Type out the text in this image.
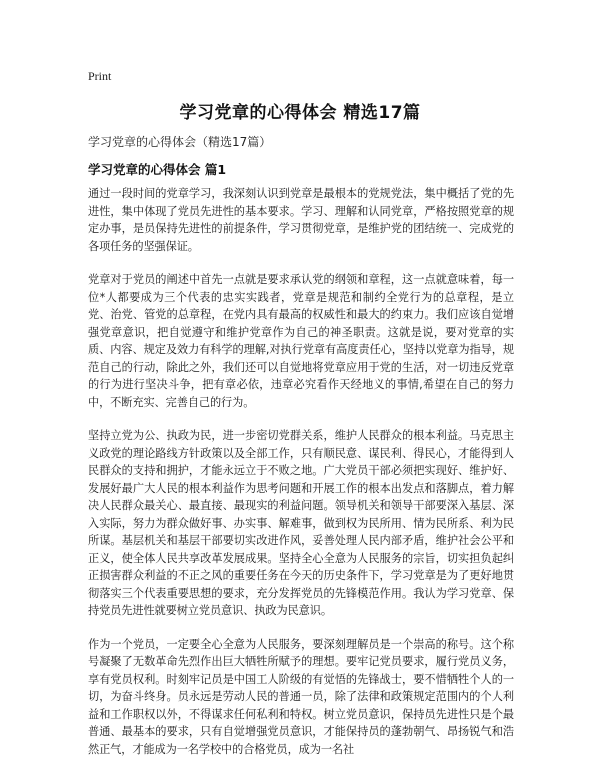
Print
学习党章的心得体会 精选17篇
学习党章的心得体会（精选17篇）
学习党章的心得体会 篇1

通过一段时间的党章学习，我深刻认识到党章是最根本的党规党法，集中概括了党的先进性，集中体现了党员先进性的基本要求。学习、理解和认同党章，严格按照党章的规定办事，是员保持先进性的前提条件，学习贯彻党章，是维护党的团结统一、完成党的各项任务的坚强保证。

党章对于党员的阐述中首先一点就是要求承认党的纲领和章程，这一点就意味着，每一位*人都要成为三个代表的忠实实践者，党章是规范和制约全党行为的总章程，是立党、治党、管党的总章程，在党内具有最高的权威性和最大的约束力。我们应该自觉增强党章意识，把自觉遵守和维护党章作为自己的神圣职责。这就是说，要对党章的实质、内容、规定及效力有科学的理解,对执行党章有高度责任心，坚持以党章为指导，规范自己的行动，除此之外，我们还可以自觉地将党章应用于党的生活，对一切违反党章的行为进行坚决斗争，把有章必依，违章必究看作天经地义的事情,希望在自己的努力中，不断充实、完善自己的行为。

坚持立党为公、执政为民，进一步密切党群关系，维护人民群众的根本利益。马克思主义政党的理论路线方针政策以及全部工作，只有顺民意、谋民利、得民心，才能得到人民群众的支持和拥护，才能永远立于不败之地。广大党员干部必须把实现好、维护好、发展好最广大人民的根本利益作为思考问题和开展工作的根本出发点和落脚点，着力解决人民群众最关心、最直接、最现实的利益问题。领导机关和领导干部要深入基层、深入实际，努力为群众做好事、办实事、解难事，做到权为民所用、情为民所系、利为民所谋。基层机关和基层干部要切实改进作风，妥善处理人民内部矛盾，维护社会公平和正义，使全体人民共享改革发展成果。坚持全心全意为人民服务的宗旨，切实担负起纠正损害群众利益的不正之风的重要任务在今天的历史条件下，学习党章是为了更好地贯彻落实三个代表重要思想的要求，充分发挥党员的先锋模范作用。我认为学习党章、保持党员先进性就要树立党员意识、执政为民意识。

作为一个党员，一定要全心全意为人民服务，要深刻理解员是一个崇高的称号。这个称号凝聚了无数革命先烈作出巨大牺牲所赋予的理想。要牢记党员要求，履行党员义务，享有党员权利。时刻牢记员是中国工人阶级的有觉悟的先锋战士，要不惜牺牲个人的一切，为奋斗终身。员永远是劳动人民的普通一员，除了法律和政策规定范围内的个人利益和工作职权以外，不得谋求任何私利和特权。树立党员意识，保持员先进性只是个最普通、最基本的要求，只有自觉增强党员意识，才能保持员的蓬勃朝气、昂扬锐气和浩然正气，才能成为一名学校中的合格党员，成为一名社
